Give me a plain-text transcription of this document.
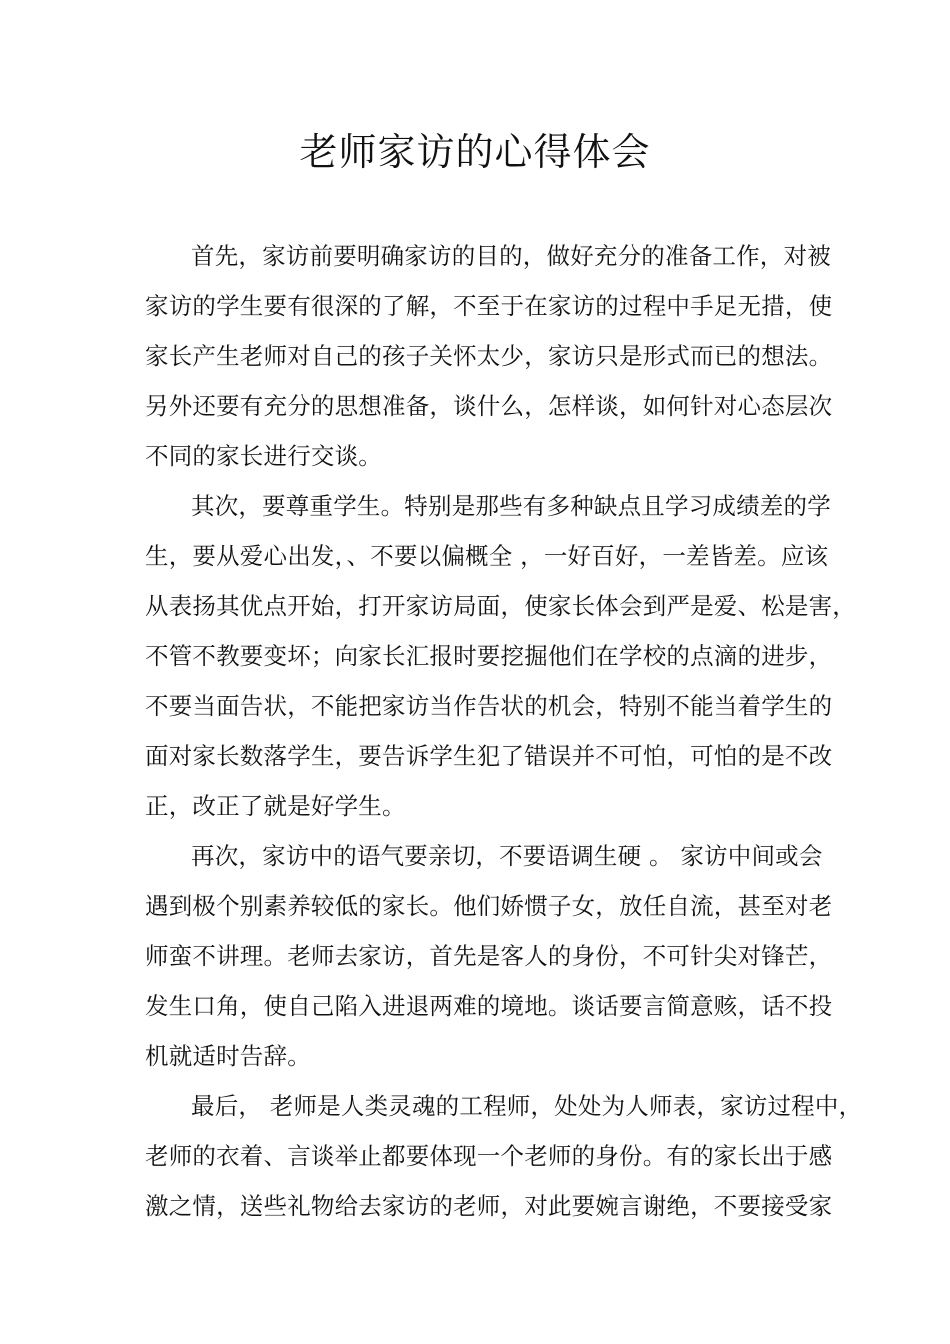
老师家访的心得体会
首先，家访前要明确家访的目的，做好充分的准备工作，对被
家访的学生要有很深的了解，不至于在家访的过程中手足无措，使
家长产生老师对自己的孩子关怀太少，家访只是形式而已的想法。
另外还要有充分的思想准备，谈什么，怎样谈，如何针对心态层次
不同的家长进行交谈。
其次，要尊重学生。特别是那些有多种缺点且学习成绩差的学
生，要从爱心出发，、不要以偏概全 ，一好百好，一差皆差。应该
从表扬其优点开始，打开家访局面，使家长体会到严是爱、松是害，
不管不教要变坏；向家长汇报时要挖掘他们在学校的点滴的进步，
不要当面告状，不能把家访当作告状的机会，特别不能当着学生的
面对家长数落学生，要告诉学生犯了错误并不可怕，可怕的是不改
正，改正了就是好学生。
再次，家访中的语气要亲切，不要语调生硬 。 家访中间或会
遇到极个别素养较低的家长。他们娇惯子女，放任自流，甚至对老
师蛮不讲理。老师去家访，首先是客人的身份，不可针尖对锋芒，
发生口角，使自己陷入进退两难的境地。谈话要言简意赅，话不投
机就适时告辞。
最后， 老师是人类灵魂的工程师，处处为人师表，家访过程中，
老师的衣着、言谈举止都要体现一个老师的身份。有的家长出于感
激之情，送些礼物给去家访的老师，对此要婉言谢绝，不要接受家
